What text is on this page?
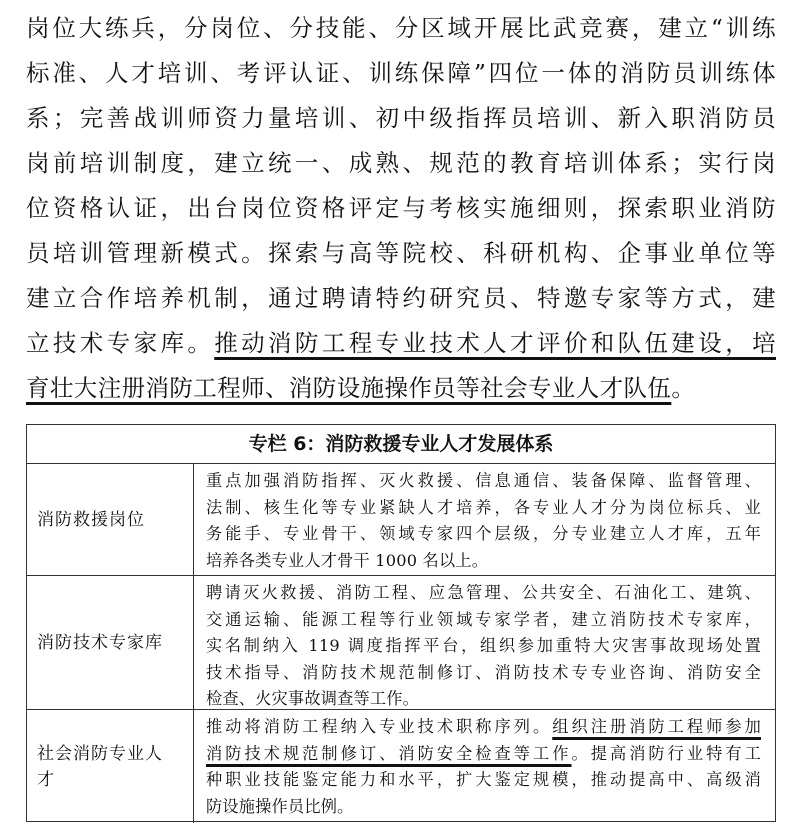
岗位大练兵，分岗位、分技能、分区域开展比武竞赛，建立“训练
标准、人才培训、考评认证、训练保障”四位一体的消防员训练体
系；完善战训师资力量培训、初中级指挥员培训、新入职消防员
岗前培训制度，建立统一、成熟、规范的教育培训体系；实行岗
位资格认证，出台岗位资格评定与考核实施细则，探索职业消防
员培训管理新模式。探索与高等院校、科研机构、企事业单位等
建立合作培养机制，通过聘请特约研究员、特邀专家等方式，建
立技术专家库。推动消防工程专业技术人才评价和队伍建设，培
育壮大注册消防工程师、消防设施操作员等社会专业人才队伍。
专栏 6：消防救援专业人才发展体系
消防救援岗位
重点加强消防指挥、灭火救援、信息通信、装备保障、监督管理、
法制、核生化等专业紧缺人才培养，各专业人才分为岗位标兵、业
务能手、专业骨干、领域专家四个层级，分专业建立人才库，五年
培养各类专业人才骨干 1000 名以上。
消防技术专家库
聘请灭火救援、消防工程、应急管理、公共安全、石油化工、建筑、
交通运输、能源工程等行业领域专家学者，建立消防技术专家库，
实名制纳入 119 调度指挥平台，组织参加重特大灾害事故现场处置
技术指导、消防技术规范制修订、消防技术专专业咨询、消防安全
检查、火灾事故调查等工作。
社会消防专业人
才
推动将消防工程纳入专业技术职称序列。组织注册消防工程师参加
消防技术规范制修订、消防安全检查等工作。提高消防行业特有工
种职业技能鉴定能力和水平，扩大鉴定规模，推动提高中、高级消
防设施操作员比例。
